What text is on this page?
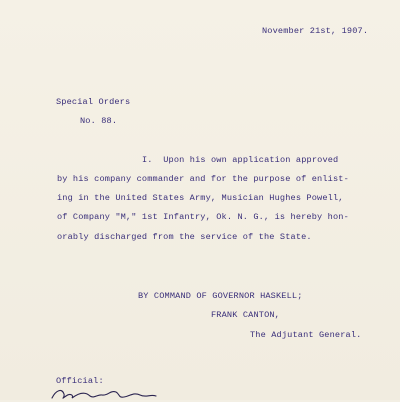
November 21st, 1907.
Special Orders
No. 88.
I.  Upon his own application approved
by his company commander and for the purpose of enlist-
ing in the United States Army, Musician Hughes Powell,
of Company "M," 1st Infantry, Ok. N. G., is hereby hon-
orably discharged from the service of the State.
BY COMMAND OF GOVERNOR HASKELL;
FRANK CANTON,
The Adjutant General.
Official:
